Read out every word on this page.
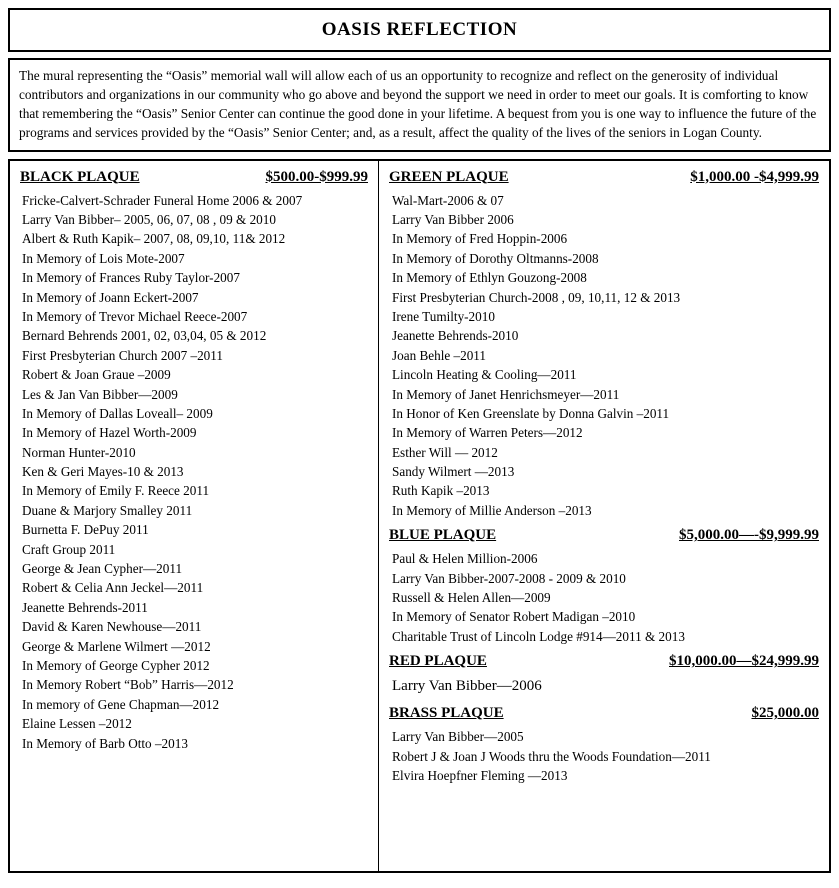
OASIS REFLECTION
The mural representing the “Oasis” memorial wall will allow each of us an opportunity to recognize and reflect on the generosity of individual contributors and organizations in our community who go above and beyond the support we need in order to meet our goals. It is comforting to know that remembering the “Oasis” Senior Center can continue the good done in your lifetime. A bequest from you is one way to influence the future of the programs and services provided by the “Oasis” Senior Center; and, as a result, affect the quality of the lives of the seniors in Logan County.
BLACK PLAQUE	$500.00-$999.99
Fricke-Calvert-Schrader Funeral Home 2006 & 2007
Larry Van Bibber– 2005, 06, 07, 08 , 09 & 2010
Albert & Ruth Kapik– 2007, 08, 09,10, 11& 2012
In Memory of Lois Mote-2007
In Memory of Frances Ruby Taylor-2007
In Memory of Joann Eckert-2007
In Memory of Trevor Michael Reece-2007
Bernard Behrends 2001, 02, 03,04, 05 & 2012
First Presbyterian Church 2007 –2011
Robert & Joan Graue –2009
Les & Jan Van Bibber—2009
In Memory of Dallas Loveall– 2009
In Memory of Hazel Worth-2009
Norman Hunter-2010
Ken & Geri Mayes-10 & 2013
In Memory of Emily F. Reece 2011
Duane & Marjory Smalley 2011
Burnetta F. DePuy 2011
Craft Group 2011
George & Jean Cypher—2011
Robert & Celia Ann Jeckel—2011
Jeanette Behrends-2011
David & Karen Newhouse—2011
George & Marlene Wilmert —2012
In Memory of George Cypher 2012
In Memory Robert “Bob” Harris—2012
In memory of Gene Chapman—2012
Elaine Lessen –2012
In Memory of Barb Otto –2013
GREEN PLAQUE	$1,000.00 -$4,999.99
Wal-Mart-2006 & 07
Larry Van Bibber 2006
In Memory of Fred Hoppin-2006
In Memory of Dorothy Oltmanns-2008
In Memory of Ethlyn Gouzong-2008
First Presbyterian Church-2008 , 09, 10,11, 12 & 2013
Irene Tumilty-2010
Jeanette Behrends-2010
Joan Behle –2011
Lincoln Heating & Cooling—2011
In Memory of Janet Henrichsmeyer—2011
In Honor of Ken Greenslate by Donna Galvin –2011
In Memory of Warren Peters—2012
Esther Will — 2012
Sandy Wilmert —2013
Ruth Kapik –2013
In Memory of Millie Anderson –2013
BLUE PLAQUE	$5,000.00—-$9,999.99
Paul & Helen Million-2006
Larry Van Bibber-2007-2008 - 2009 & 2010
Russell & Helen Allen—2009
In Memory of Senator Robert Madigan –2010
Charitable Trust of Lincoln Lodge #914—2011 & 2013
RED PLAQUE	$10,000.00—$24,999.99
Larry Van Bibber—2006
BRASS PLAQUE	$25,000.00
Larry Van Bibber—2005
Robert J & Joan J Woods thru the Woods Foundation—2011
Elvira Hoepfner Fleming —2013
